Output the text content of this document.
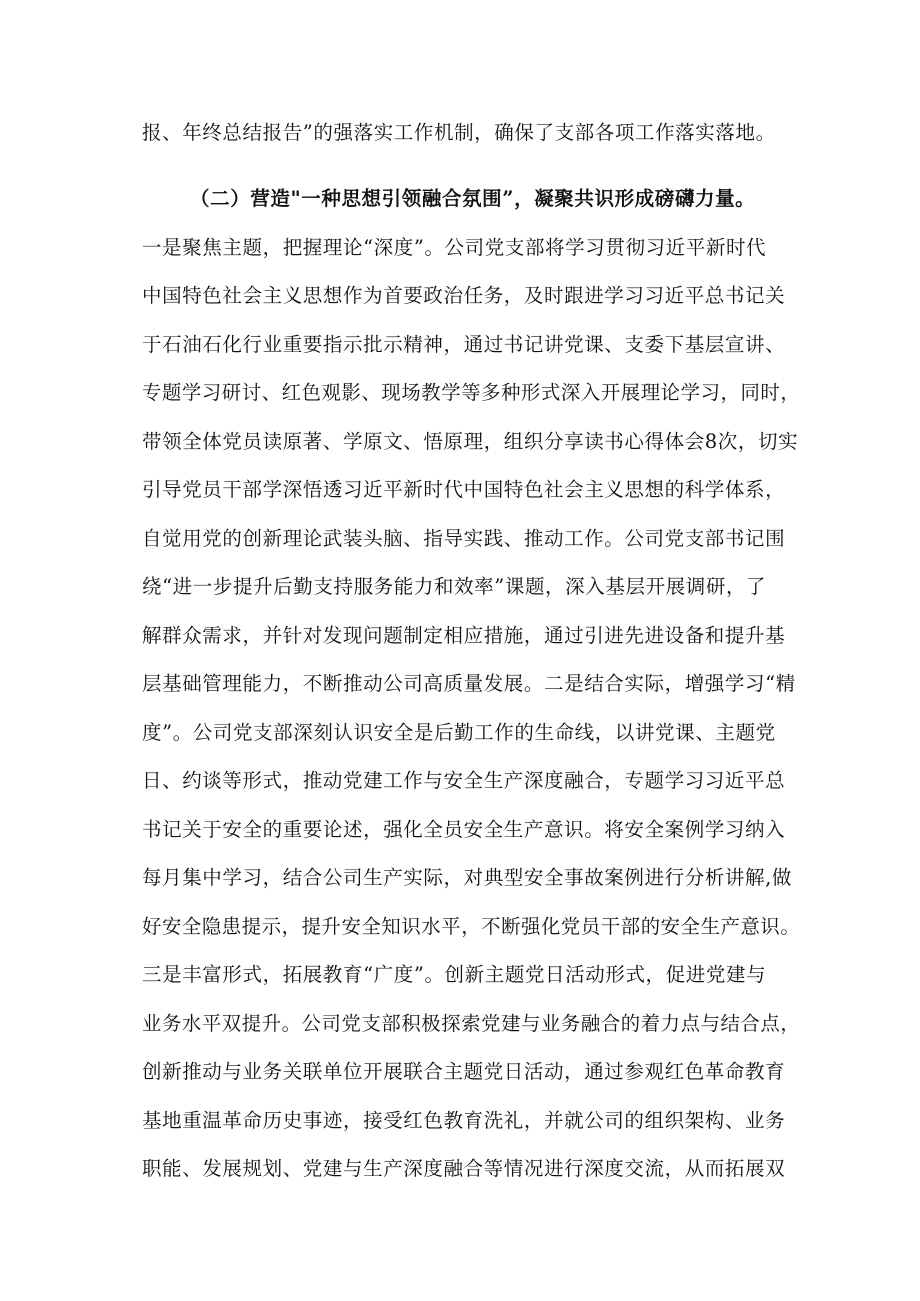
报、年终总结报告”的强落实工作机制，确保了支部各项工作落实落地。
（二）营造"一种思想引领融合氛围”，凝聚共识形成磅礴力量。
一是聚焦主题，把握理论“深度”。公司党支部将学习贯彻习近平新时代
中国特色社会主义思想作为首要政治任务，及时跟进学习习近平总书记关
于石油石化行业重要指示批示精神，通过书记讲党课、支委下基层宣讲、
专题学习研讨、红色观影、现场教学等多种形式深入开展理论学习，同时，
带领全体党员读原著、学原文、悟原理，组织分享读书心得体会8次，切实
引导党员干部学深悟透习近平新时代中国特色社会主义思想的科学体系，
自觉用党的创新理论武装头脑、指导实践、推动工作。公司党支部书记围
绕“进一步提升后勤支持服务能力和效率”课题，深入基层开展调研，了
解群众需求，并针对发现问题制定相应措施，通过引进先进设备和提升基
层基础管理能力，不断推动公司高质量发展。二是结合实际，增强学习“精
度”。公司党支部深刻认识安全是后勤工作的生命线，以讲党课、主题党
日、约谈等形式，推动党建工作与安全生产深度融合，专题学习习近平总
书记关于安全的重要论述，强化全员安全生产意识。将安全案例学习纳入
每月集中学习，结合公司生产实际，对典型安全事故案例进行分析讲解,做
好安全隐患提示，提升安全知识水平，不断强化党员干部的安全生产意识。
三是丰富形式，拓展教育“广度”。创新主题党日活动形式，促进党建与
业务水平双提升。公司党支部积极探索党建与业务融合的着力点与结合点，
创新推动与业务关联单位开展联合主题党日活动，通过参观红色革命教育
基地重温革命历史事迹，接受红色教育洗礼，并就公司的组织架构、业务
职能、发展规划、党建与生产深度融合等情况进行深度交流，从而拓展双
